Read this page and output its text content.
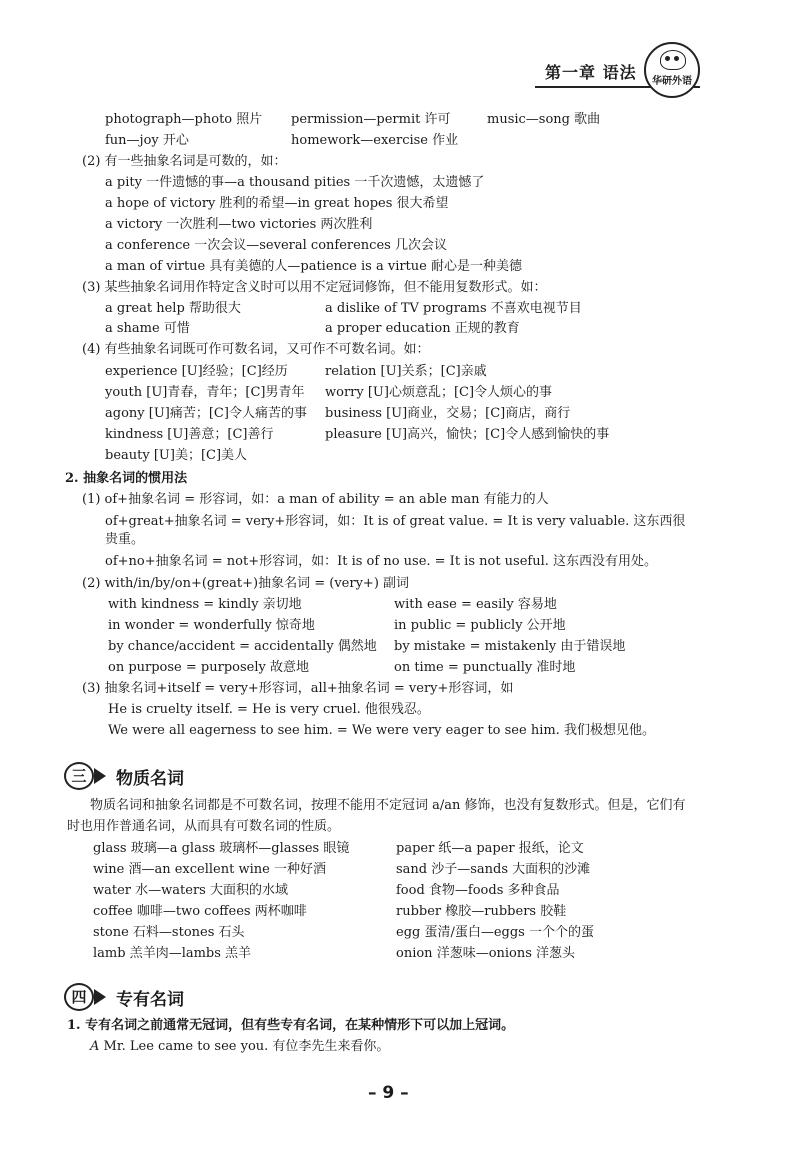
第一章 语法	华研外语
photograph—photo 照片 permission—permit 许可	music—song 歌曲
fun—joy 开心	homework—exercise 作业
(2) 有一些抽象名词是可数的，如：
a pity 一件遗憾的事—a thousand pities 一千次遗憾，太遗憾了
a hope of victory 胜利的希望—in great hopes 很大希望
a victory 一次胜利—two victories 两次胜利
a conference 一次会议—several conferences 几次会议
a man of virtue 具有美德的人—patience is a virtue 耐心是一种美德
(3) 某些抽象名词用作特定含义时可以用不定冠词修饰，但不能用复数形式。如：
a great help 帮助很大	a dislike of TV programs 不喜欢电视节目
a shame 可惜	a proper education 正规的教育
(4) 有些抽象名词既可作可数名词，又可作不可数名词。如：
experience [U]经验；[C]经历	relation [U]关系；[C]亲戚
youth [U]青春，青年；[C]男青年 worry [U]心烦意乱；[C]令人烦心的事
agony [U]痛苦；[C]令人痛苦的事 business [U]商业，交易；[C]商店，商行
kindness [U]善意；[C]善行	pleasure [U]高兴，愉快；[C]令人感到愉快的事
beauty [U]美；[C]美人
2. 抽象名词的惯用法
(1) of+抽象名词 = 形容词，如：a man of ability = an able man 有能力的人
of+great+抽象名词 = very+形容词，如：It is of great value. = It is very valuable. 这东西很
贵重。
of+no+抽象名词 = not+形容词，如：It is of no use. = It is not useful. 这东西没有用处。
(2) with/in/by/on+(great+)抽象名词 = (very+) 副词
with kindness = kindly 亲切地	with ease = easily 容易地
in wonder = wonderfully 惊奇地	in public = publicly 公开地
by chance/accident = accidentally 偶然地 by mistake = mistakenly 由于错误地
on purpose = purposely 故意地	on time = punctually 准时地
(3) 抽象名词+itself = very+形容词，all+抽象名词 = very+形容词，如
He is cruelty itself. = He is very cruel. 他很残忍。
We were all eagerness to see him. = We were very eager to see him. 我们极想见他。
三	物质名词
物质名词和抽象名词都是不可数名词，按理不能用不定冠词 a/an 修饰，也没有复数形式。但是，它们有
时也用作普通名词，从而具有可数名词的性质。
glass 玻璃—a glass 玻璃杯—glasses 眼镜	paper 纸—a paper 报纸，论文
wine 酒—an excellent wine 一种好酒	sand 沙子—sands 大面积的沙滩
water 水—waters 大面积的水域	food 食物—foods 多种食品
coffee 咖啡—two coffees 两杯咖啡	rubber 橡胶—rubbers 胶鞋
stone 石料—stones 石头	egg 蛋清/蛋白—eggs 一个个的蛋
lamb 羔羊肉—lambs 羔羊	onion 洋葱味—onions 洋葱头
四	专有名词
1. 专有名词之前通常无冠词，但有些专有名词，在某种情形下可以加上冠词。
A Mr. Lee came to see you. 有位李先生来看你。
– 9 –
